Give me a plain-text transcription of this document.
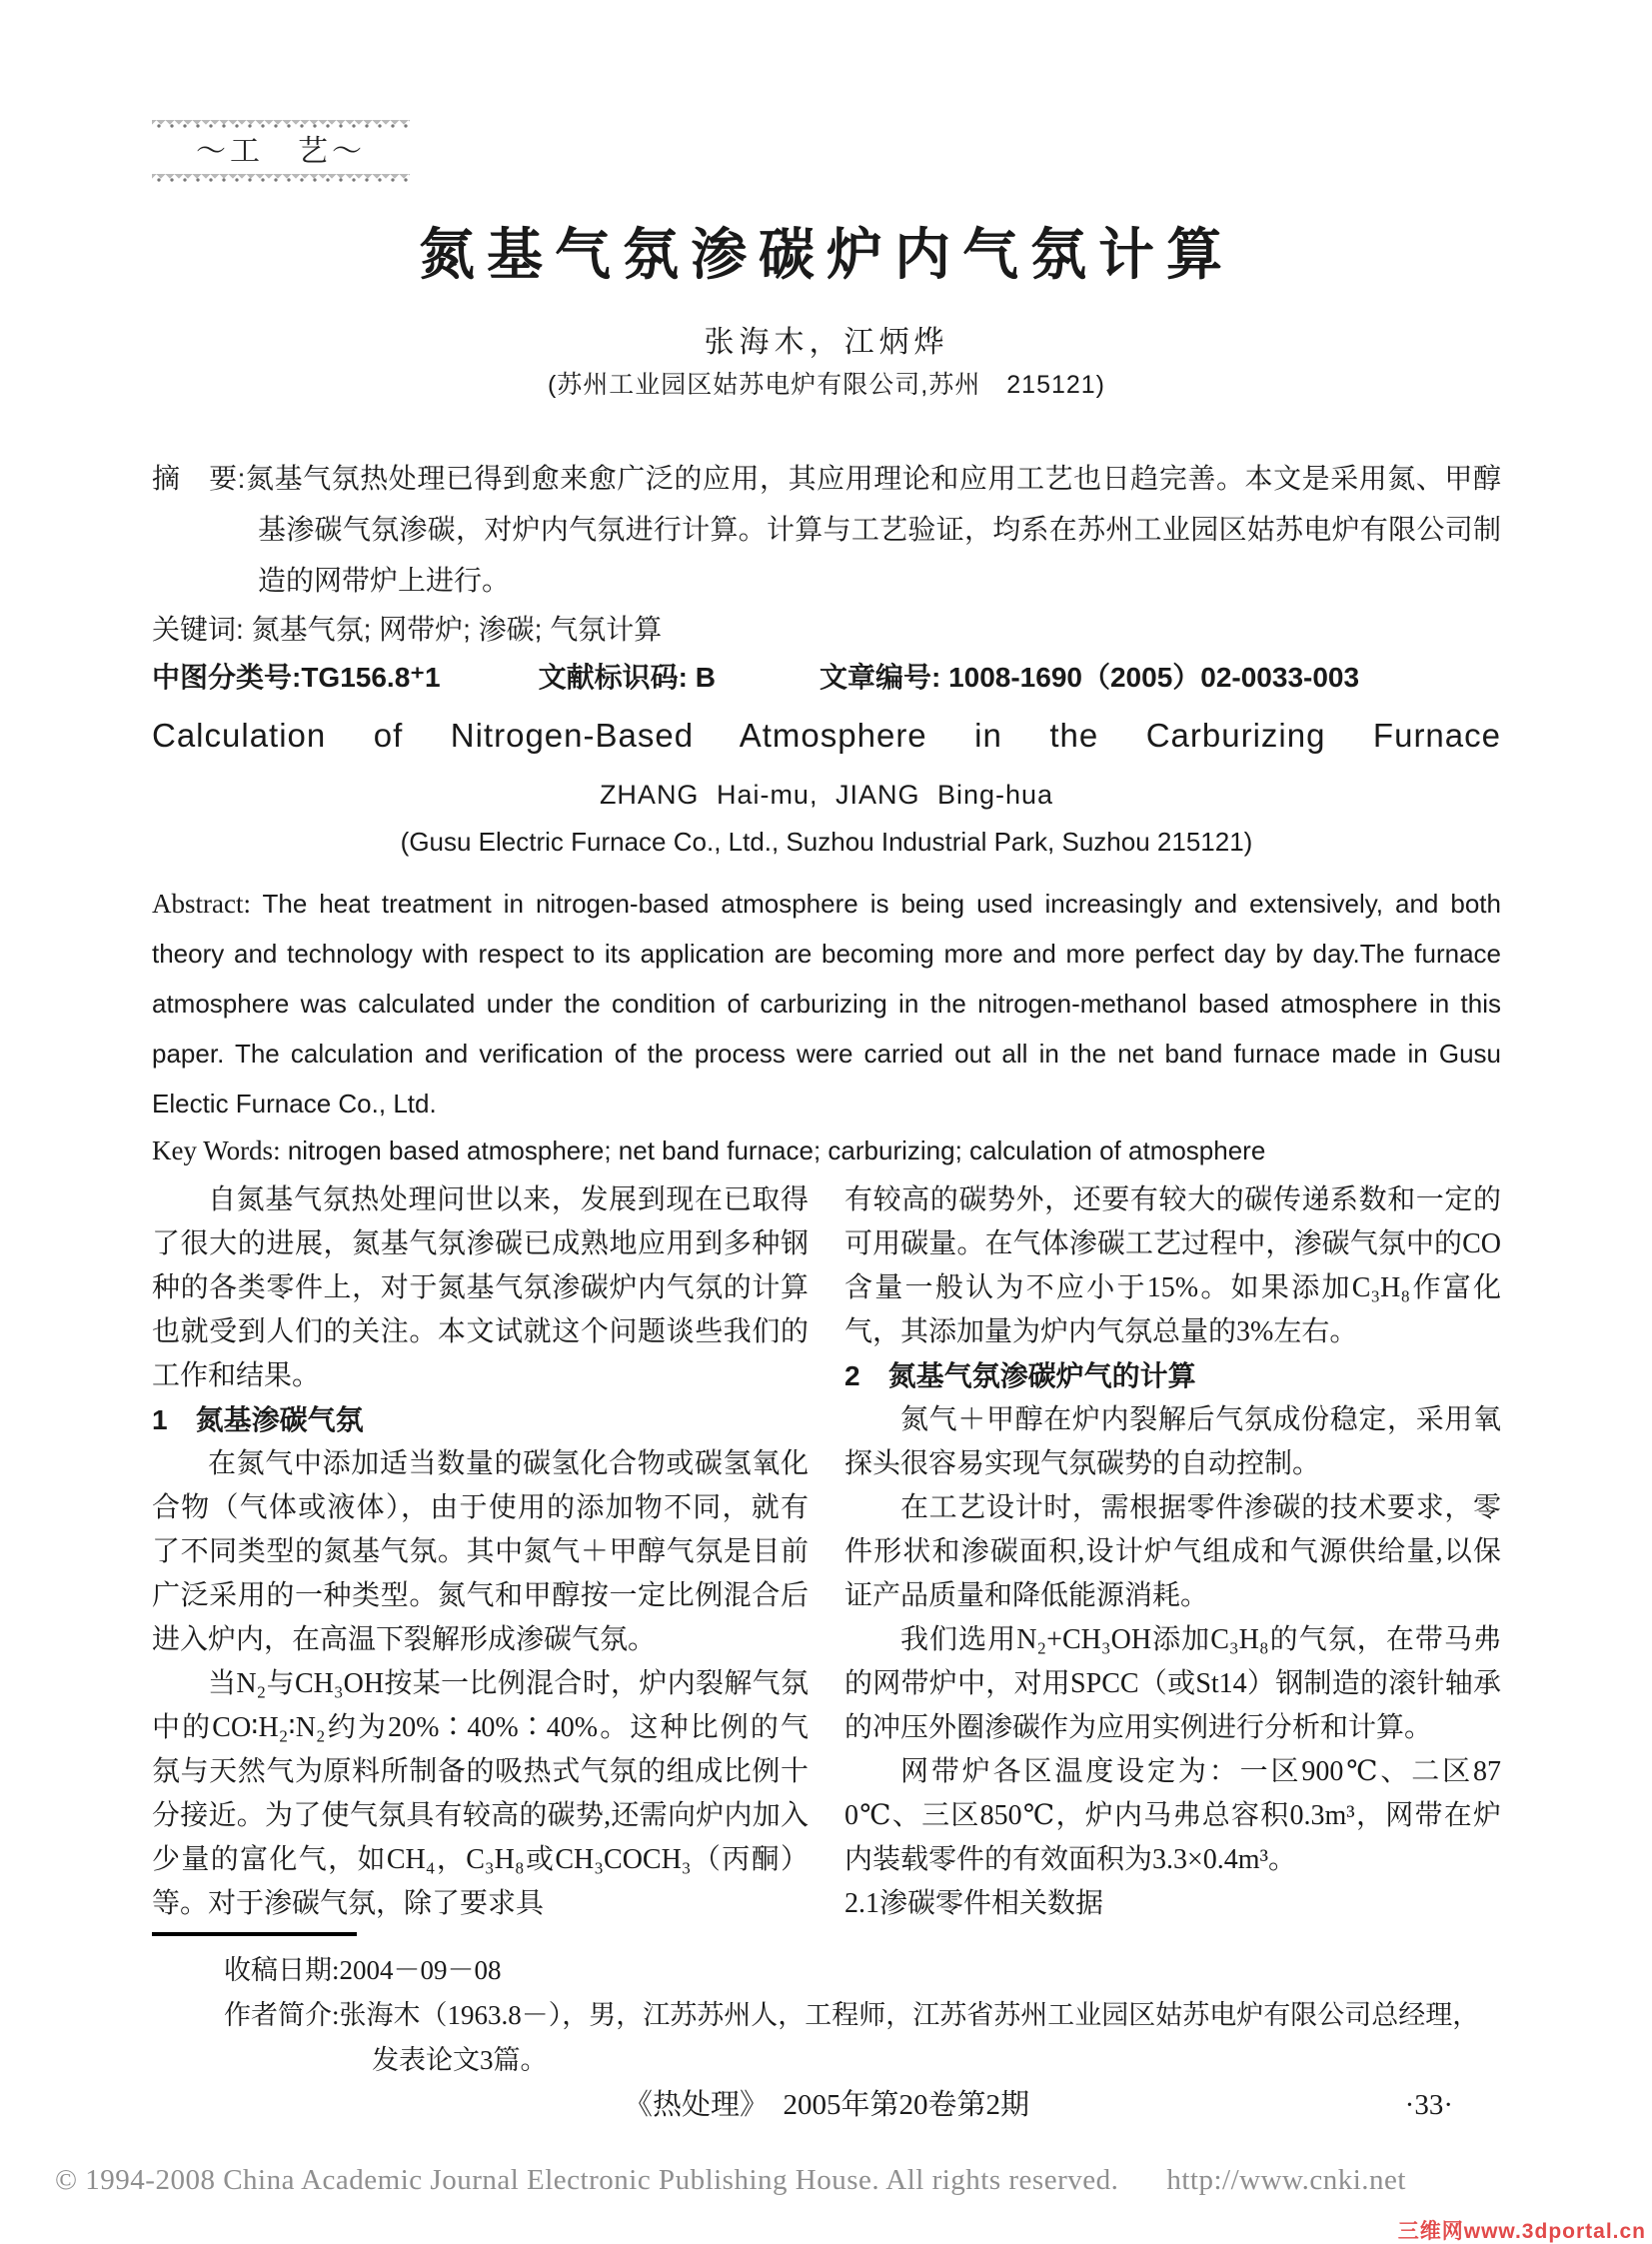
～工　艺～
氮基气氛渗碳炉内气氛计算
张海木，江炳烨
(苏州工业园区姑苏电炉有限公司,苏州　215121)
摘　要:氮基气氛热处理已得到愈来愈广泛的应用，其应用理论和应用工艺也日趋完善。本文是采用氮、甲醇基渗碳气氛渗碳，对炉内气氛进行计算。计算与工艺验证，均系在苏州工业园区姑苏电炉有限公司制造的网带炉上进行。
关键词: 氮基气氛; 网带炉; 渗碳; 气氛计算
中图分类号:TG156.8⁺1	文献标识码: B	文章编号: 1008-1690（2005）02-0033-003
Calculation of Nitrogen-Based Atmosphere in the Carburizing Furnace
ZHANG Hai-mu, JIANG Bing-hua
(Gusu Electric Furnace Co., Ltd., Suzhou Industrial Park, Suzhou 215121)
Abstract: The heat treatment in nitrogen-based atmosphere is being used increasingly and extensively, and both theory and technology with respect to its application are becoming more and more perfect day by day.The furnace atmosphere was calculated under the condition of carburizing in the nitrogen-methanol based atmosphere in this paper. The calculation and verification of the process were carried out all in the net band furnace made in Gusu Electic Furnace Co., Ltd.
Key Words: nitrogen based atmosphere; net band furnace; carburizing; calculation of atmosphere

自氮基气氛热处理问世以来，发展到现在已取得了很大的进展，氮基气氛渗碳已成熟地应用到多种钢种的各类零件上，对于氮基气氛渗碳炉内气氛的计算也就受到人们的关注。本文试就这个问题谈些我们的工作和结果。

1　氮基渗碳气氛

在氮气中添加适当数量的碳氢化合物或碳氢氧化合物（气体或液体），由于使用的添加物不同，就有了不同类型的氮基气氛。其中氮气＋甲醇气氛是目前广泛采用的一种类型。氮气和甲醇按一定比例混合后进入炉内，在高温下裂解形成渗碳气氛。

当N₂与CH₃OH按某一比例混合时，炉内裂解气氛中的CO∶H₂∶N₂约为20%∶40%∶40%。这种比例的气氛与天然气为原料所制备的吸热式气氛的组成比例十分接近。为了使气氛具有较高的碳势,还需向炉内加入少量的富化气，如CH₄，C₃H₈或CH₃COCH₃（丙酮）等。对于渗碳气氛，除了要求具

有较高的碳势外，还要有较大的碳传递系数和一定的可用碳量。在气体渗碳工艺过程中，渗碳气氛中的CO含量一般认为不应小于15%。如果添加C₃H₈作富化气，其添加量为炉内气氛总量的3%左右。

2　氮基气氛渗碳炉气的计算

氮气＋甲醇在炉内裂解后气氛成份稳定，采用氧探头很容易实现气氛碳势的自动控制。

在工艺设计时，需根据零件渗碳的技术要求，零件形状和渗碳面积,设计炉气组成和气源供给量,以保证产品质量和降低能源消耗。

我们选用N₂+CH₃OH添加C₃H₈的气氛，在带马弗的网带炉中，对用SPCC（或St14）钢制造的滚针轴承的冲压外圈渗碳作为应用实例进行分析和计算。

网带炉各区温度设定为：一区900℃、二区870℃、三区850℃，炉内马弗总容积0.3m³，网带在炉内装载零件的有效面积为3.3×0.4m³。

2.1渗碳零件相关数据

收稿日期:2004－09－08
作者简介:张海木（1963.8－），男，江苏苏州人，工程师，江苏省苏州工业园区姑苏电炉有限公司总经理，发表论文3篇。
《热处理》　2005年第20卷第2期	·33·
© 1994-2008 China Academic Journal Electronic Publishing House. All rights reserved. http://www.cnki.net
三维网www.3dportal.cn
